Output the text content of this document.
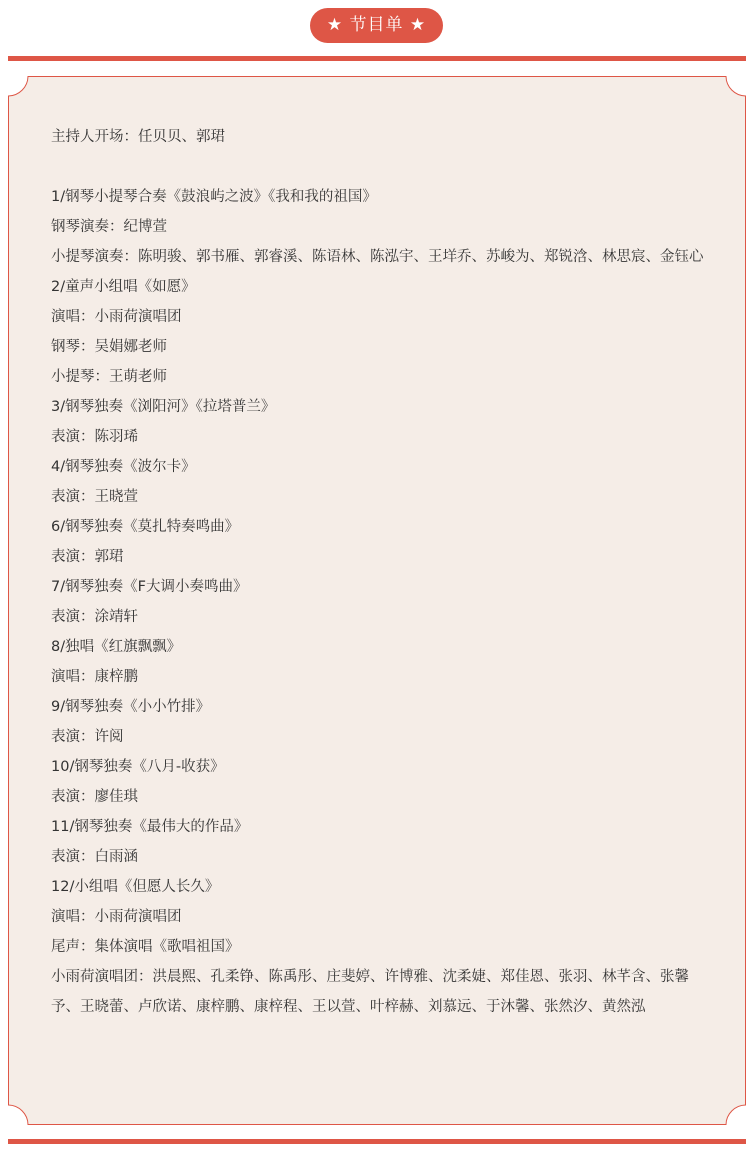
★ 节目单 ★
主持人开场：任贝贝、郭珺
1/钢琴小提琴合奏《鼓浪屿之波》《我和我的祖国》
钢琴演奏：纪博萱
小提琴演奏：陈明骏、郭书雁、郭睿溪、陈语林、陈泓宇、王垟乔、苏峻为、郑锐浛、林思宸、金钰心
2/童声小组唱《如愿》
演唱：小雨荷演唱团
钢琴：吴娟娜老师
小提琴：王萌老师
3/钢琴独奏《浏阳河》《拉塔普兰》
表演：陈羽琋
4/钢琴独奏《波尔卡》
表演：王晓萱
6/钢琴独奏《莫扎特奏鸣曲》
表演：郭珺
7/钢琴独奏《F大调小奏鸣曲》
表演：涂靖轩
8/独唱《红旗飘飘》
演唱：康梓鹏
9/钢琴独奏《小小竹排》
表演：许阅
10/钢琴独奏《八月-收获》
表演：廖佳琪
11/钢琴独奏《最伟大的作品》
表演：白雨涵
12/小组唱《但愿人长久》
演唱：小雨荷演唱团
尾声：集体演唱《歌唱祖国》
小雨荷演唱团：洪晨熙、孔柔铮、陈禹彤、庄斐婷、许博雅、沈柔婕、郑佳恩、张羽、林芊含、张馨予、王晓蕾、卢欣诺、康梓鹏、康梓程、王以萱、叶梓赫、刘慕远、于沐馨、张然汐、黄然泓
